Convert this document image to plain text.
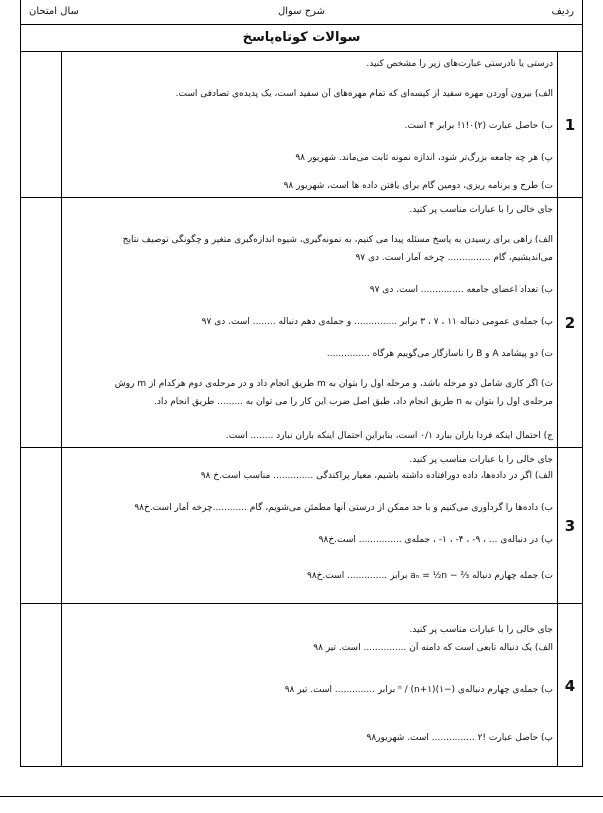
ردیف
شرح سوال
سال امتحان
سوالات کوتاه‌پاسخ
1
درستی یا نادرستی عبارت‌های زیر را مشخص کنید.
الف) بیرون آوردن مهره سفید از کیسه‌ای که تمام مهره‌های آن سفید است، یک پدیده‌ی تصادفی است.
ب) حاصل عبارت (۲)۰!۱! برابر ۴ است.
پ) هر چه جامعه بزرگ‌تر شود، اندازه نمونه ثابت می‌ماند. شهریور ۹۸
ت) طرح و برنامه ریزی، دومین گام برای یافتن داده ها است، شهریور ۹۸
2
جای خالی را با عبارات مناسب پر کنید.
الف) راهی برای رسیدن به پاسخ مسئله پیدا می کنیم، به نمونه‌گیری، شیوه اندازه‌گیری متغیر و چگونگی توصیف نتایج
می‌اندیشیم، گام ............... چرخه آمار است. دی ۹۷
ب) تعداد اعضای جامعه ............... است. دی ۹۷
پ) جمله‌ی عمومی دنباله ۱۱ ، ۷ ، ۳ برابر ............... و جمله‌ی دهم دنباله ........ است. دی ۹۷
ت) دو پیشامد A و B را ناسازگار می‌گوییم هرگاه ...............
ث) اگر کاری شامل دو مرحله باشد، و مرحله اول را بتوان به m طریق انجام داد و در مرحله‌ی دوم هرکدام از m روش
مرحله‌ی اول را بتوان به n طریق انجام داد، طبق اصل ضرب این کار را می توان به ......... طریق انجام داد.
ج) احتمال اینکه فردا باران ببارد ۰/۱ است، بنابراین احتمال اینکه باران نبارد ........ است.
3
جای خالی را با عبارات مناسب پر کنید.
الف) اگر در داده‌ها، داده دورافتاده داشته باشیم، معیار پراکندگی .............. مناسب است.خ ۹۸
ب) داده‌ها را گردآوری می‌کنیم و با حد ممکن از درستی آنها مطمئن می‌شویم، گام ............چرخه آمار است.خ۹۸
پ) در دنباله‌ی ... ، ۹- ، ۴- ، ۱- ، جمله‌ی ............... است.خ۹۸
ت) جمله چهارم دنباله aₙ = ½n − ²⁄₃ برابر .............. است.خ۹۸
4
جای خالی را با عبارات مناسب پر کنید.
الف) یک دنباله تابعی است که دامنه آن ............... است. تیر ۹۸
ب) جمله‌ی چهارم دنباله‌ی (−۱)ⁿ / (n+۱) برابر .............. است. تیر ۹۸
پ) حاصل عبارت !۲ ............... است. شهریور۹۸
